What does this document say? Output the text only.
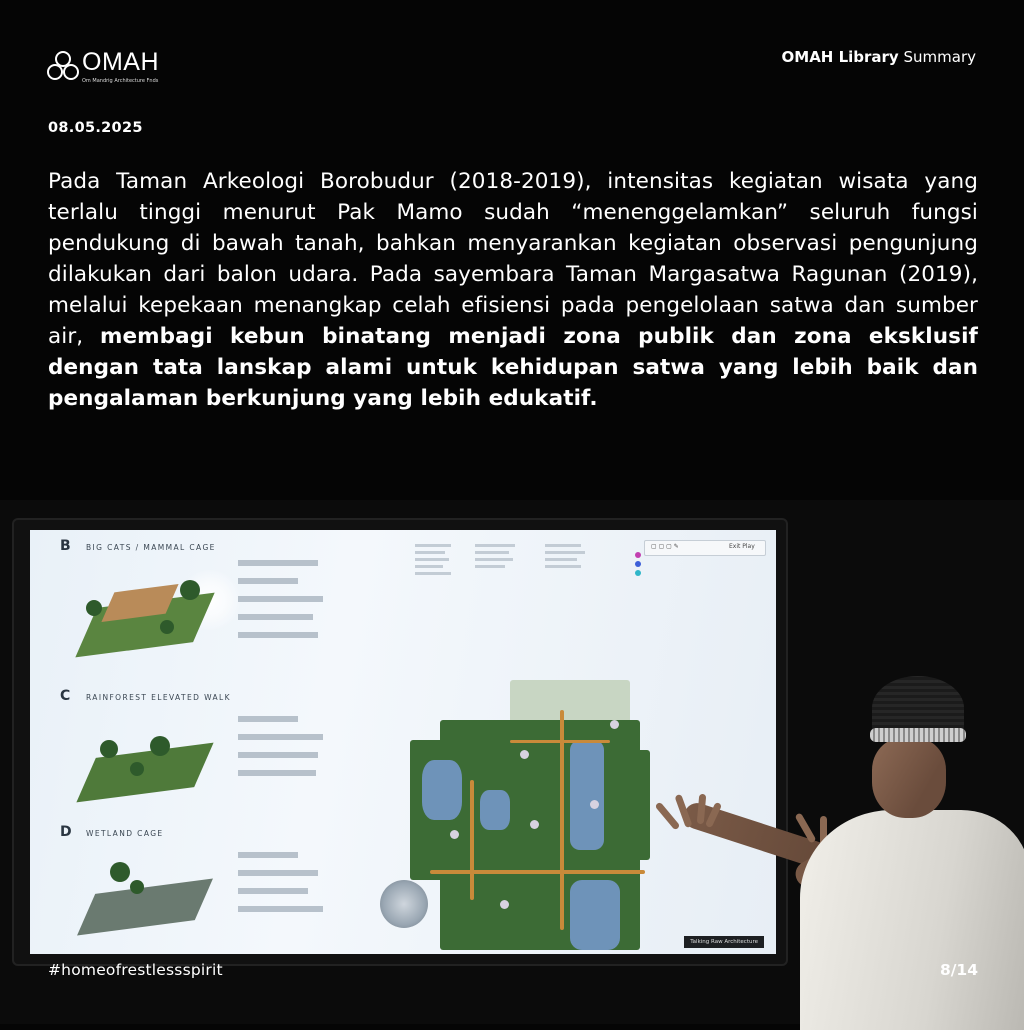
OMAH
Om Mandrig Architecture Fnds
OMAH Library Summary
08.05.2025
Pada Taman Arkeologi Borobudur (2018-2019), intensitas kegiatan wisata yang terlalu tinggi menurut Pak Mamo sudah “menenggelamkan” seluruh fungsi pendukung di bawah tanah, bahkan menyarankan kegiatan observasi pengunjung dilakukan dari balon udara. Pada sayembara Taman Margasatwa Ragunan (2019), melalui kepekaan menangkap celah efisiensi pada pengelolaan satwa dan sumber air, membagi kebun binatang menjadi zona publik dan zona eksklusif dengan tata lanskap alami untuk kehidupan satwa yang lebih baik dan pengalaman berkunjung yang lebih edukatif.
B BIG CATS / MAMMAL CAGE
C RAINFOREST ELEVATED WALK
D WETLAND CAGE
▢ ▢ ▢ ✎	Exit Play
Talking Raw Architecture
#homeofrestlessspirit	8/14
